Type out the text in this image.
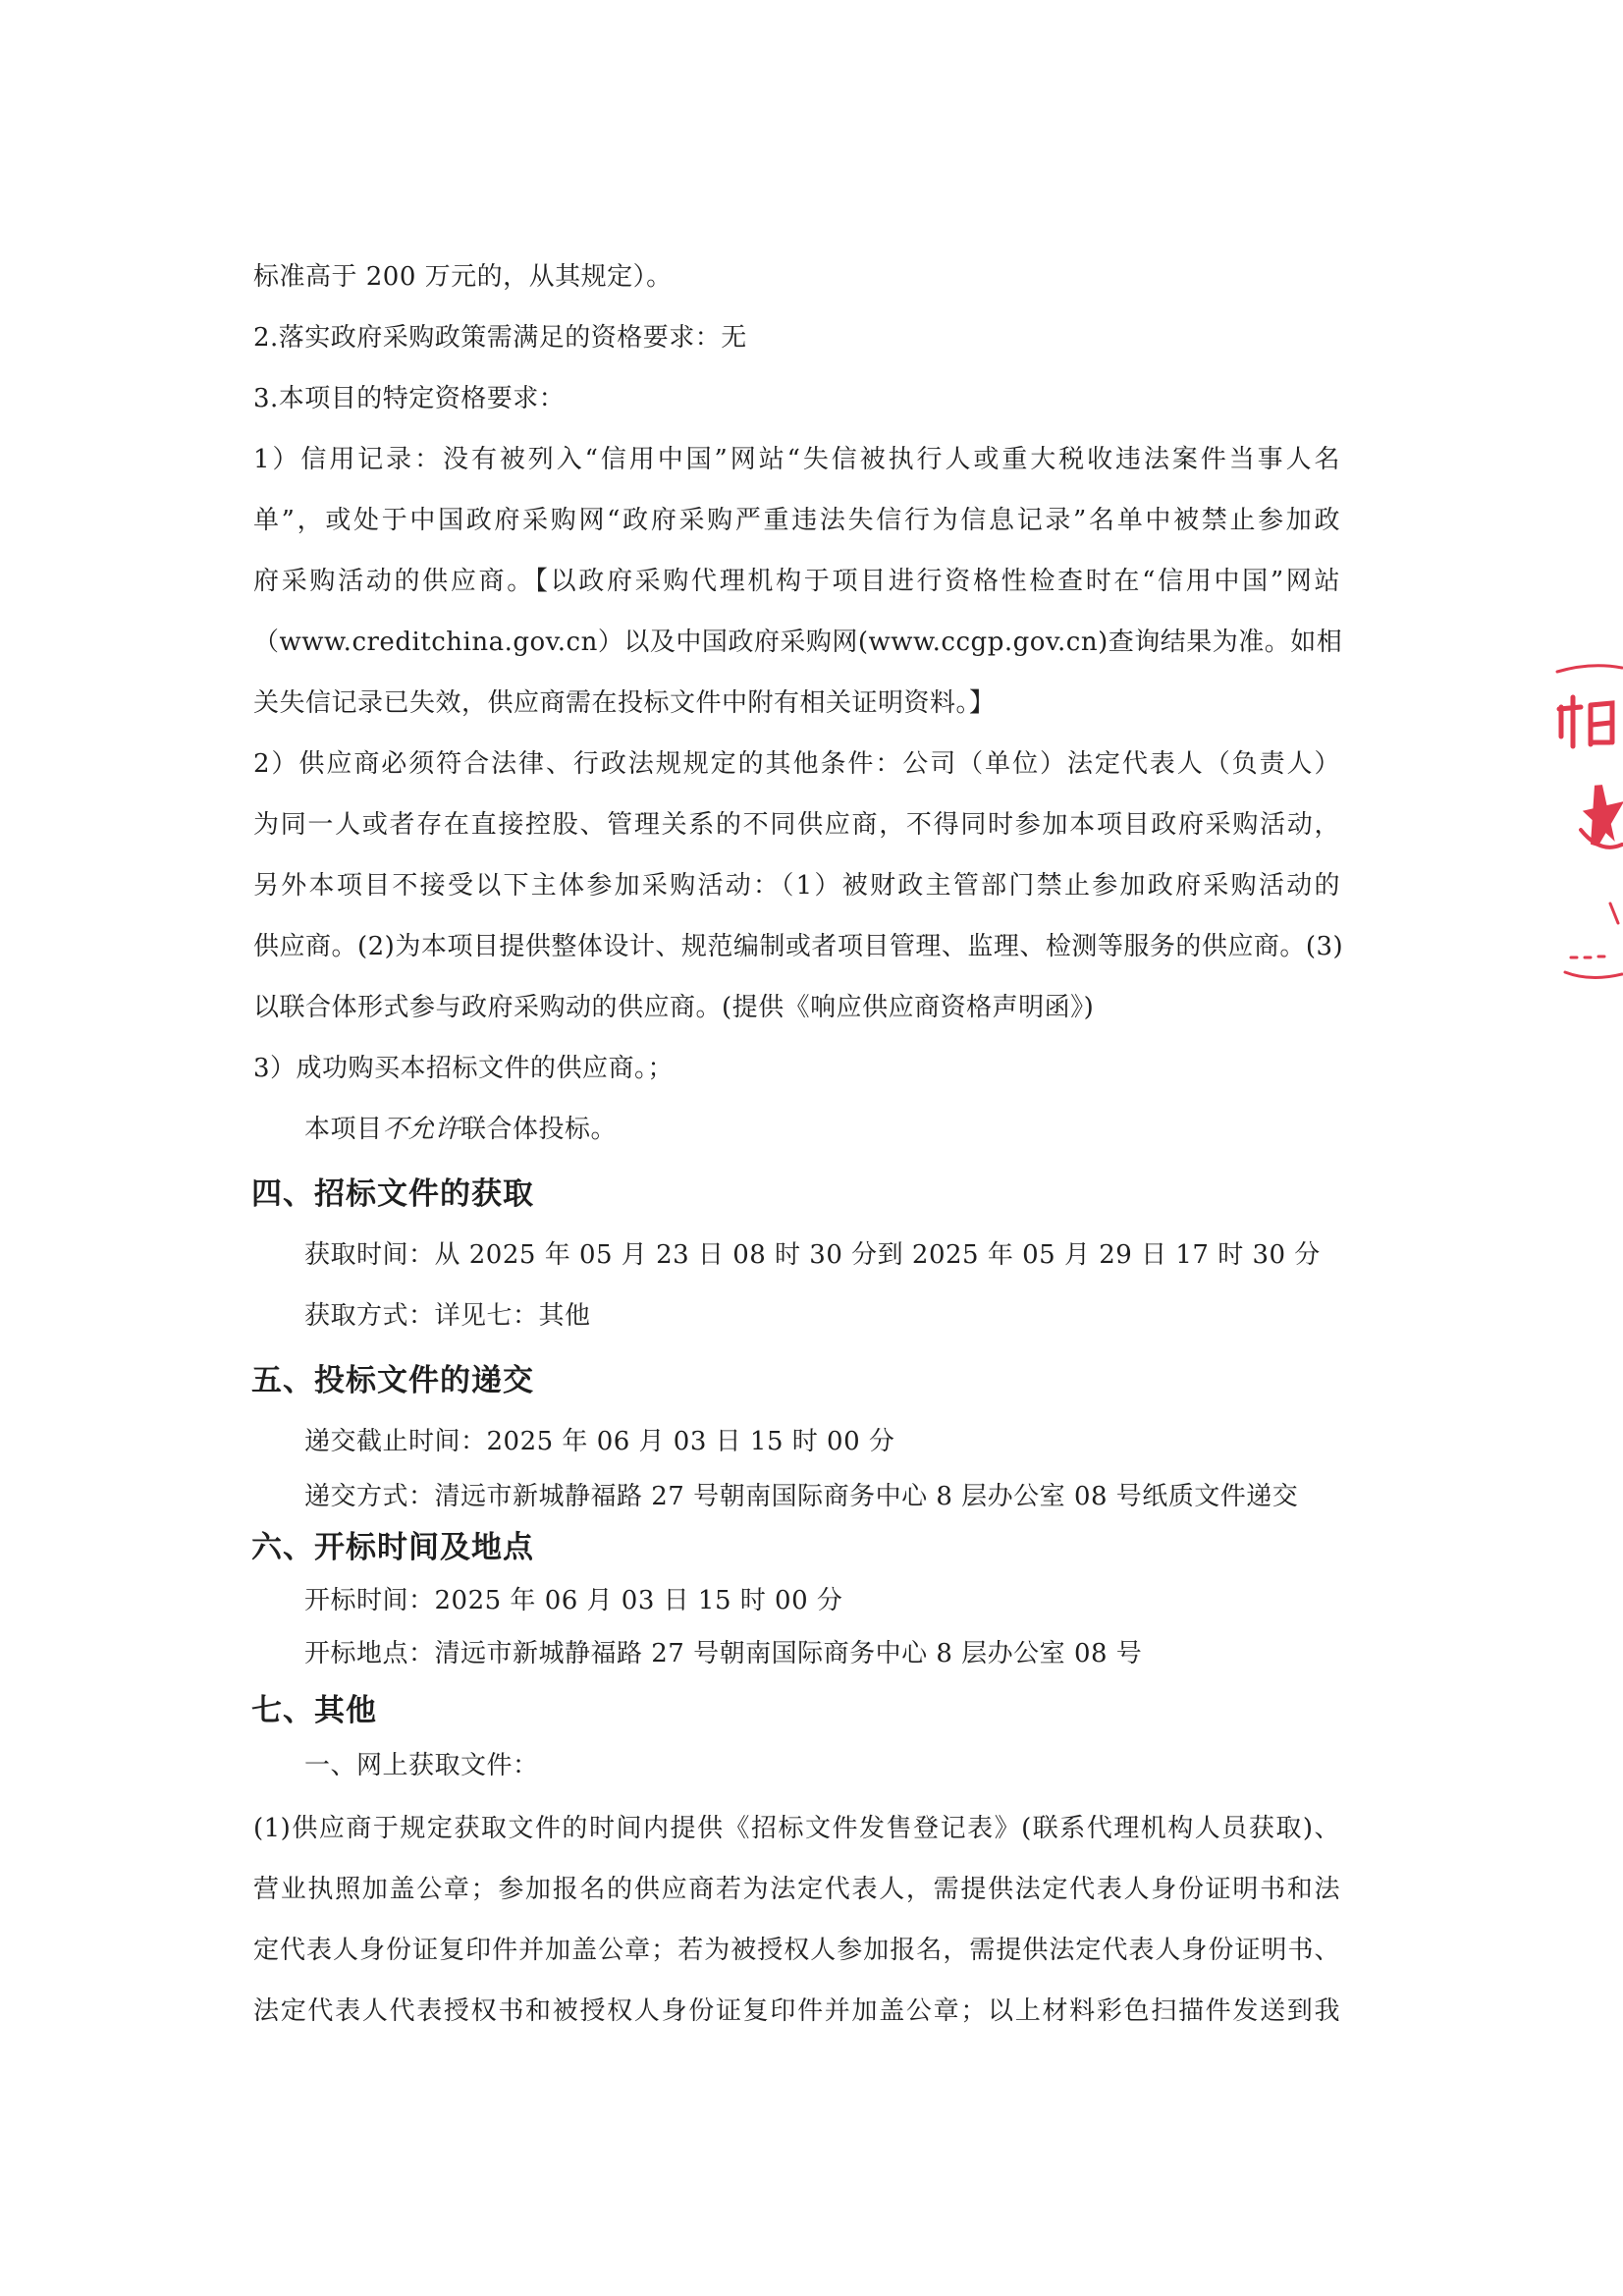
标准高于 200 万元的，从其规定）。
2.落实政府采购政策需满足的资格要求：无
3.本项目的特定资格要求：
1）信用记录：没有被列入“信用中国”网站“失信被执行人或重大税收违法案件当事人名
单”，或处于中国政府采购网“政府采购严重违法失信行为信息记录”名单中被禁止参加政
府采购活动的供应商。【以政府采购代理机构于项目进行资格性检查时在“信用中国”网站
（www.creditchina.gov.cn）以及中国政府采购网(www.ccgp.gov.cn)查询结果为准。如相
关失信记录已失效，供应商需在投标文件中附有相关证明资料。】
2）供应商必须符合法律、行政法规规定的其他条件：公司（单位）法定代表人（负责人）
为同一人或者存在直接控股、管理关系的不同供应商，不得同时参加本项目政府采购活动，
另外本项目不接受以下主体参加采购活动：（1）被财政主管部门禁止参加政府采购活动的
供应商。(2)为本项目提供整体设计、规范编制或者项目管理、监理、检测等服务的供应商。(3)
以联合体形式参与政府采购动的供应商。(提供《响应供应商资格声明函》)
3）成功购买本招标文件的供应商。；
本项目不允许联合体投标。
四、招标文件的获取
获取时间：从 2025 年 05 月 23 日 08 时 30 分到 2025 年 05 月 29 日 17 时 30 分
获取方式：详见七：其他
五、投标文件的递交
递交截止时间：2025 年 06 月 03 日 15 时 00 分
递交方式：清远市新城静福路 27 号朝南国际商务中心 8 层办公室 08 号纸质文件递交
六、开标时间及地点
开标时间：2025 年 06 月 03 日 15 时 00 分
开标地点：清远市新城静福路 27 号朝南国际商务中心 8 层办公室 08 号
七、其他
一、网上获取文件：
(1)供应商于规定获取文件的时间内提供《招标文件发售登记表》(联系代理机构人员获取)、
营业执照加盖公章；参加报名的供应商若为法定代表人，需提供法定代表人身份证明书和法
定代表人身份证复印件并加盖公章；若为被授权人参加报名，需提供法定代表人身份证明书、
法定代表人代表授权书和被授权人身份证复印件并加盖公章；以上材料彩色扫描件发送到我
